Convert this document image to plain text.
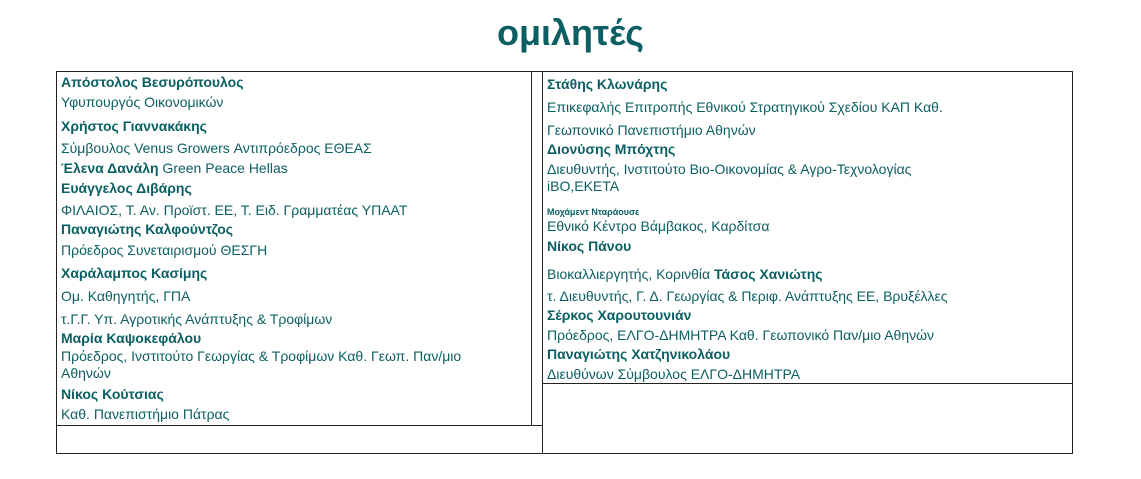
ομιλητές
Απόστολος Βεσυρόπουλος
Υφυπουργός Οικονομικών
Χρήστος Γιαννακάκης
Σύμβουλος Venus Growers Αντιπρόεδρος ΕΘΕΑΣ
Έλενα Δανάλη Green Peace Hellas
Ευάγγελος Διβάρης
ΦΙΛΑΙΟΣ, Τ. Αν. Προϊστ. ΕΕ, Τ. Ειδ. Γραμματέας ΥΠΑΑΤ
Παναγιώτης Καλφούντζος
Πρόεδρος Συνεταιρισμού ΘΕΣΓΗ
Χαράλαμπος Κασίμης
Ομ. Καθηγητής, ΓΠΑ
τ.Γ.Γ. Υπ. Αγροτικής Ανάπτυξης & Τροφίμων
Μαρία Καψοκεφάλου
Πρόεδρος, Ινστιτούτο Γεωργίας & Τροφίμων Καθ. Γεωπ. Παν/μιο
Αθηνών
Νίκος Κούτσιας
Καθ. Πανεπιστήμιο Πάτρας
Στάθης Κλωνάρης
Επικεφαλής Επιτροπής Εθνικού Στρατηγικού Σχεδίου ΚΑΠ Καθ.
Γεωπονικό Πανεπιστήμιο Αθηνών
Διονύσης Μπόχτης
Διευθυντής, Ινστιτούτο Βιο-Οικονομίας & Αγρο-Τεχνολογίας
iBO,ΕΚΕΤΑ
Μοχάμεντ Νταράουσε
Εθνικό Κέντρο Βάμβακος, Καρδίτσα
Νίκος Πάνου
Βιοκαλλιεργητής, Κορινθία Τάσος Χανιώτης
τ. Διευθυντής, Γ. Δ. Γεωργίας & Περιφ. Ανάπτυξης ΕΕ, Βρυξέλλες
Σέρκος Χαρουτουνιάν
Πρόεδρος, ΕΛΓΟ-ΔΗΜΗΤΡΑ Καθ. Γεωπονικό Παν/μιο Αθηνών
Παναγιώτης Χατζηνικολάου
Διευθύνων Σύμβουλος ΕΛΓΟ-ΔΗΜΗΤΡΑ
